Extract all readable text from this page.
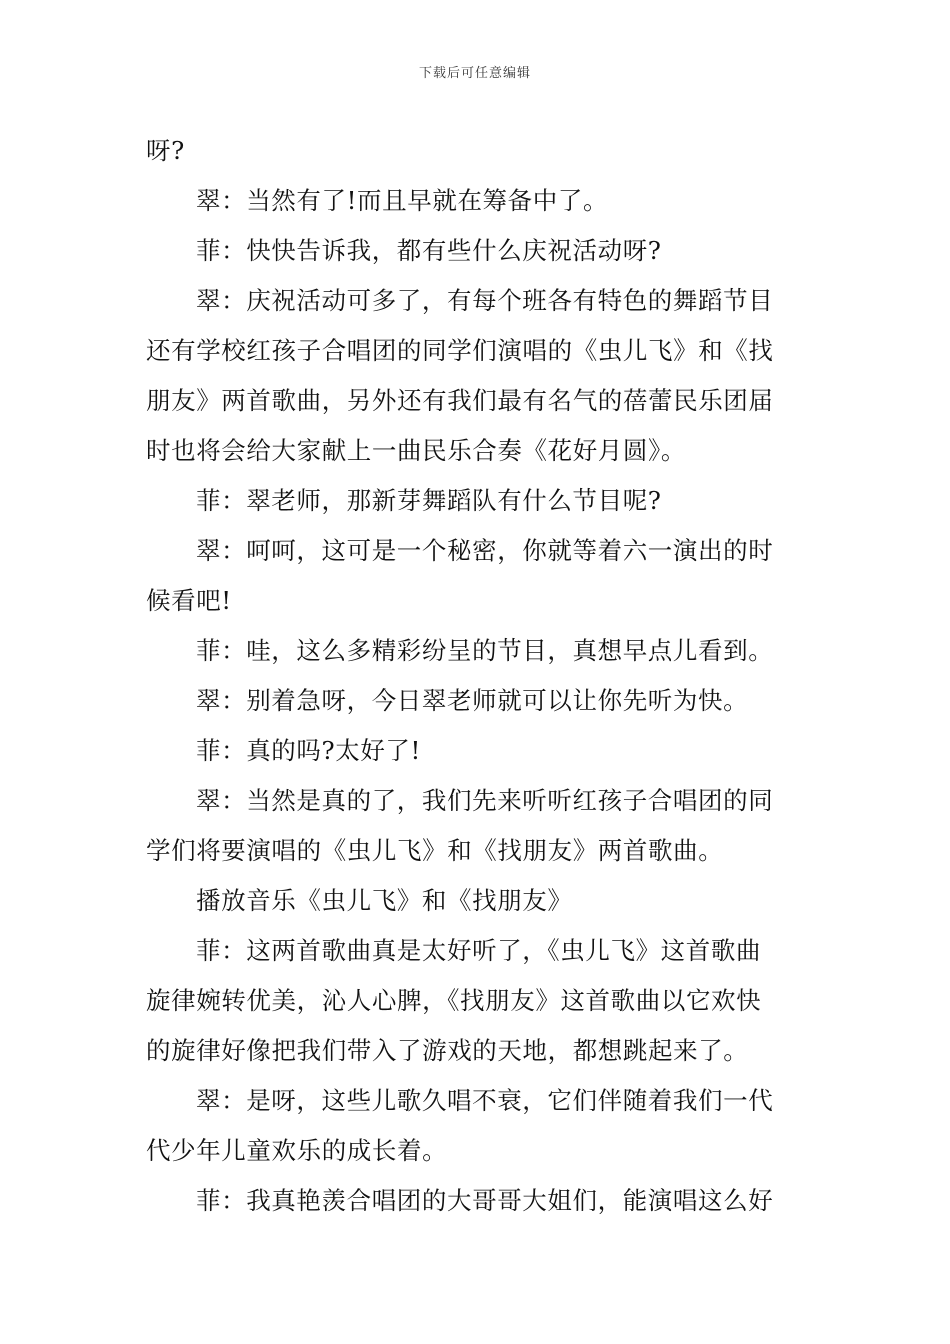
下载后可任意编辑
呀?
翠：当然有了!而且早就在筹备中了。
菲：快快告诉我，都有些什么庆祝活动呀?
翠：庆祝活动可多了，有每个班各有特色的舞蹈节目
还有学校红孩子合唱团的同学们演唱的《虫儿飞》和《找
朋友》两首歌曲，另外还有我们最有名气的蓓蕾民乐团届
时也将会给大家献上一曲民乐合奏《花好月圆》。
菲：翠老师，那新芽舞蹈队有什么节目呢?
翠：呵呵，这可是一个秘密，你就等着六一演出的时
候看吧!
菲：哇，这么多精彩纷呈的节目，真想早点儿看到。
翠：别着急呀，今日翠老师就可以让你先听为快。
菲：真的吗?太好了!
翠：当然是真的了，我们先来听听红孩子合唱团的同
学们将要演唱的《虫儿飞》和《找朋友》两首歌曲。
播放音乐《虫儿飞》和《找朋友》
菲：这两首歌曲真是太好听了，《虫儿飞》这首歌曲
旋律婉转优美，沁人心脾，《找朋友》这首歌曲以它欢快
的旋律好像把我们带入了游戏的天地，都想跳起来了。
翠：是呀，这些儿歌久唱不衰，它们伴随着我们一代
代少年儿童欢乐的成长着。
菲：我真艳羡合唱团的大哥哥大姐们，能演唱这么好
